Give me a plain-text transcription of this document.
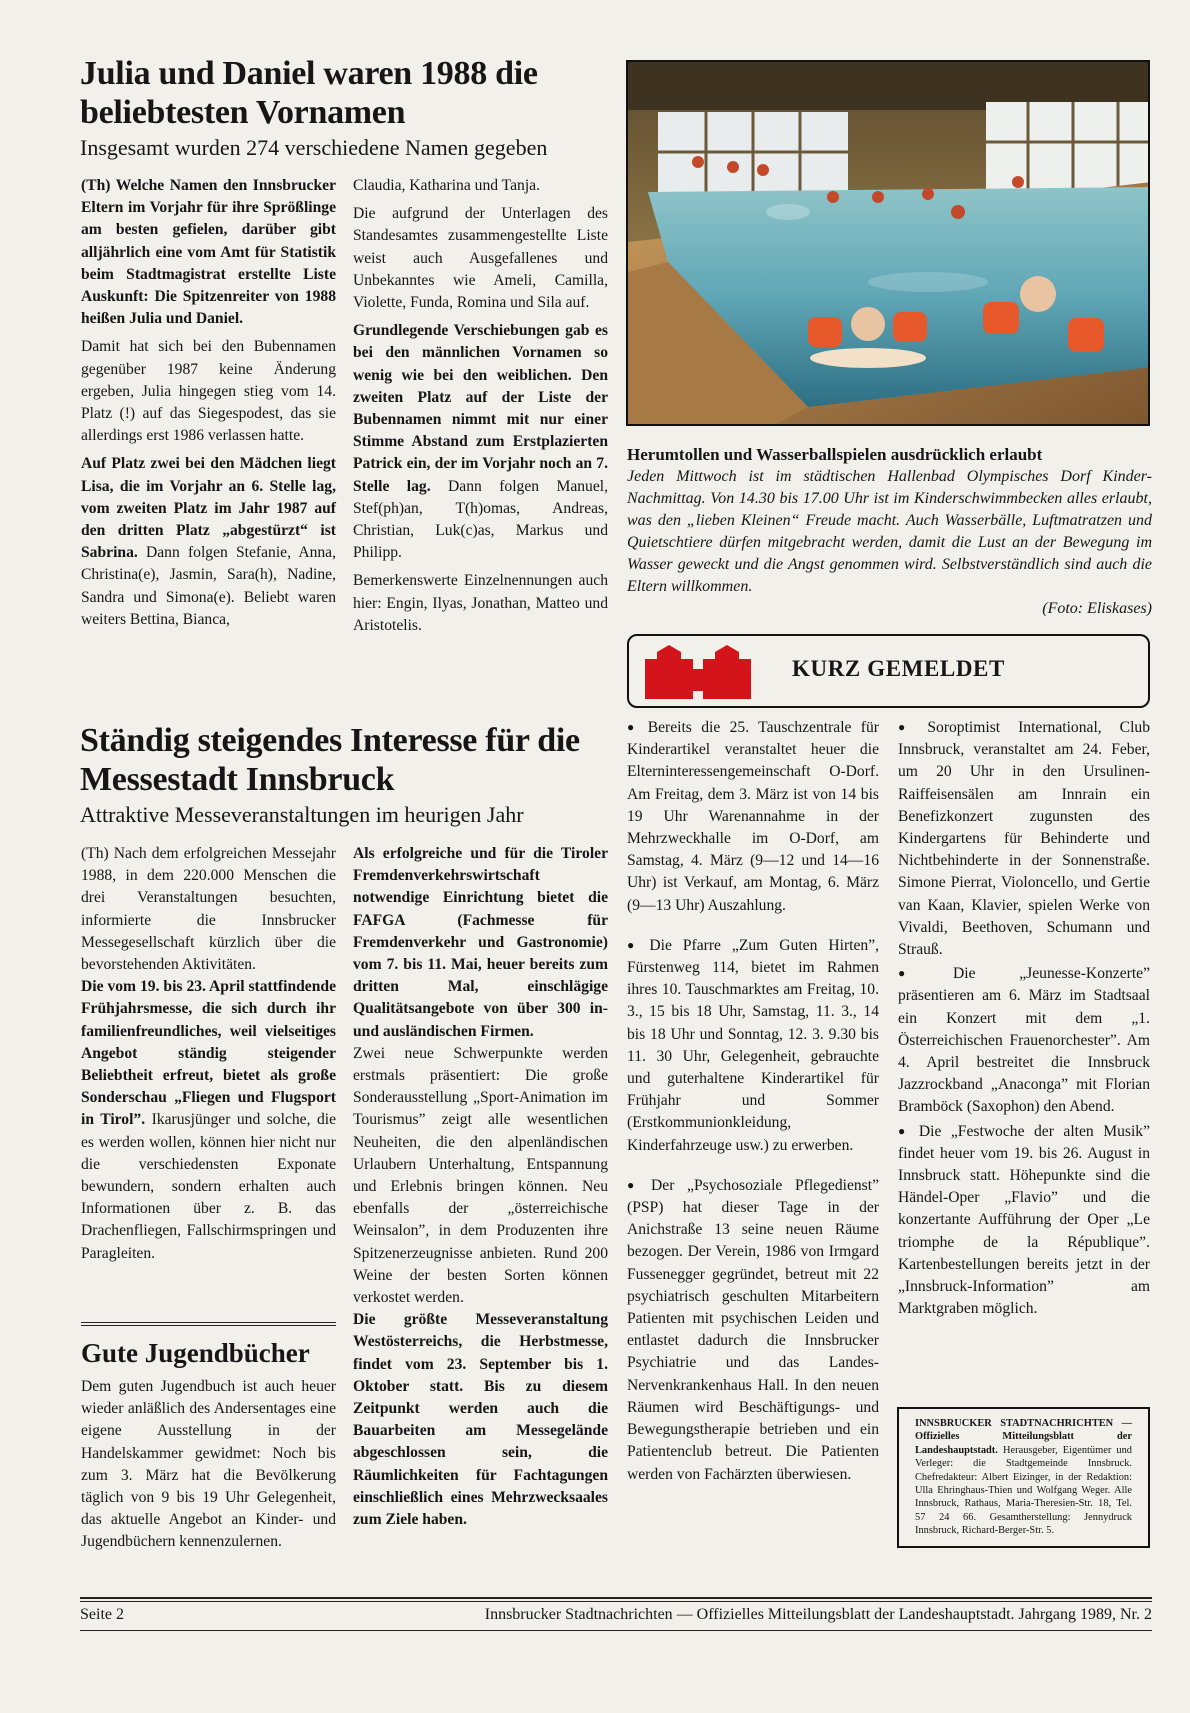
Julia und Daniel waren 1988 die beliebtesten Vornamen
Insgesamt wurden 274 verschiedene Namen gegeben

(Th) Welche Namen den Innsbrucker Eltern im Vorjahr für ihre Sprößlinge am besten gefielen, darüber gibt alljährlich eine vom Amt für Statistik beim Stadtmagistrat erstellte Liste Auskunft: Die Spitzenreiter von 1988 heißen Julia und Daniel.

Damit hat sich bei den Bubennamen gegenüber 1987 keine Änderung ergeben, Julia hingegen stieg vom 14. Platz (!) auf das Siegespodest, das sie allerdings erst 1986 verlassen hatte.

Auf Platz zwei bei den Mädchen liegt Lisa, die im Vorjahr an 6. Stelle lag, vom zweiten Platz im Jahr 1987 auf den dritten Platz „abgestürzt“ ist Sabrina. Dann folgen Stefanie, Anna, Christina(e), Jasmin, Sara(h), Nadine, Sandra und Simona(e). Beliebt waren weiters Bettina, Bianca,

Claudia, Katharina und Tanja.

Die aufgrund der Unterlagen des Standesamtes zusammengestellte Liste weist auch Ausgefallenes und Unbekanntes wie Ameli, Camilla, Violette, Funda, Romina und Sila auf.

Grundlegende Verschiebungen gab es bei den männlichen Vornamen so wenig wie bei den weiblichen. Den zweiten Platz auf der Liste der Bubennamen nimmt mit nur einer Stimme Abstand zum Erstplazierten Patrick ein, der im Vorjahr noch an 7. Stelle lag. Dann folgen Manuel, Stef(ph)an, T(h)omas, Andreas, Christian, Luk(c)as, Markus und Philipp.

Bemerkenswerte Einzelnennungen auch hier: Engin, Ilyas, Jonathan, Matteo und Aristotelis.

Herumtollen und Wasserballspielen ausdrücklich erlaubt
Jeden Mittwoch ist im städtischen Hallenbad Olympisches Dorf Kinder-Nachmittag. Von 14.30 bis 17.00 Uhr ist im Kinderschwimmbecken alles erlaubt, was den „lieben Kleinen“ Freude macht. Auch Wasserbälle, Luftmatratzen und Quietschtiere dürfen mitgebracht werden, damit die Lust an der Bewegung im Wasser geweckt und die Angst genommen wird. Selbstverständlich sind auch die Eltern willkommen.
(Foto: Eliskases)
KURZ GEMELDET

● Bereits die 25. Tauschzentrale für Kinderartikel veranstaltet heuer die Elterninteressengemeinschaft O-Dorf. Am Freitag, dem 3. März ist von 14 bis 19 Uhr Warenannahme in der Mehrzweckhalle im O-Dorf, am Samstag, 4. März (9—12 und 14—16 Uhr) ist Verkauf, am Montag, 6. März (9—13 Uhr) Auszahlung.

● Die Pfarre „Zum Guten Hirten”, Fürstenweg 114, bietet im Rahmen ihres 10. Tauschmarktes am Freitag, 10. 3., 15 bis 18 Uhr, Samstag, 11. 3., 14 bis 18 Uhr und Sonntag, 12. 3. 9.30 bis 11. 30 Uhr, Gelegenheit, gebrauchte und guterhaltene Kinderartikel für Frühjahr und Sommer (Erstkommunionkleidung, Kinderfahrzeuge usw.) zu erwerben.

● Der „Psychosoziale Pflegedienst” (PSP) hat dieser Tage in der Anichstraße 13 seine neuen Räume bezogen. Der Verein, 1986 von Irmgard Fussenegger gegründet, betreut mit 22 psychiatrisch geschulten Mitarbeitern Patienten mit psychischen Leiden und entlastet dadurch die Innsbrucker Psychiatrie und das Landes-Nervenkrankenhaus Hall. In den neuen Räumen wird Beschäftigungs- und Bewegungstherapie betrieben und ein Patientenclub betreut. Die Patienten werden von Fachärzten überwiesen.

● Soroptimist International, Club Innsbruck, veranstaltet am 24. Feber, um 20 Uhr in den Ursulinen-Raiffeisensälen am Innrain ein Benefizkonzert zugunsten des Kindergartens für Behinderte und Nichtbehinderte in der Sonnenstraße. Simone Pierrat, Violoncello, und Gertie van Kaan, Klavier, spielen Werke von Vivaldi, Beethoven, Schumann und Strauß.

● Die „Jeunesse-Konzerte” präsentieren am 6. März im Stadtsaal ein Konzert mit dem „1. Österreichischen Frauenorchester”. Am 4. April bestreitet die Innsbruck Jazzrockband „Anaconga” mit Florian Bramböck (Saxophon) den Abend.

● Die „Festwoche der alten Musik” findet heuer vom 19. bis 26. August in Innsbruck statt. Höhepunkte sind die Händel-Oper „Flavio” und die konzertante Aufführung der Oper „Le triomphe de la République”. Kartenbestellungen bereits jetzt in der „Innsbruck-Information” am Marktgraben möglich.

INNSBRUCKER STADTNACHRICHTEN — Offizielles Mitteilungsblatt der Landeshauptstadt. Herausgeber, Eigentümer und Verleger: die Stadtgemeinde Innsbruck. Chefredakteur: Albert Eizinger, in der Redaktion: Ulla Ehringhaus-Thien und Wolfgang Weger. Alle Innsbruck, Rathaus, Maria-Theresien-Str. 18, Tel. 57 24 66. Gesamtherstellung: Jennydruck Innsbruck, Richard-Berger-Str. 5.
Ständig steigendes Interesse für die Messestadt Innsbruck
Attraktive Messeveranstaltungen im heurigen Jahr

(Th) Nach dem erfolgreichen Messejahr 1988, in dem 220.000 Menschen die drei Veranstaltungen besuchten, informierte die Innsbrucker Messegesellschaft kürzlich über die bevorstehenden Aktivitäten.

Die vom 19. bis 23. April stattfindende Frühjahrsmesse, die sich durch ihr familienfreundliches, weil vielseitiges Angebot ständig steigender Beliebtheit erfreut, bietet als große Sonderschau „Fliegen und Flugsport in Tirol”. Ikarusjünger und solche, die es werden wollen, können hier nicht nur die verschiedensten Exponate bewundern, sondern erhalten auch Informationen über z. B. das Drachenfliegen, Fallschirmspringen und Paragleiten.

Als erfolgreiche und für die Tiroler Fremdenverkehrswirtschaft notwendige Einrichtung bietet die FAFGA (Fachmesse für Fremdenverkehr und Gastronomie) vom 7. bis 11. Mai, heuer bereits zum dritten Mal, einschlägige Qualitätsangebote von über 300 in- und ausländischen Firmen.

Zwei neue Schwerpunkte werden erstmals präsentiert: Die große Sonderausstellung „Sport-Animation im Tourismus” zeigt alle wesentlichen Neuheiten, die den alpenländischen Urlaubern Unterhaltung, Entspannung und Erlebnis bringen können. Neu ebenfalls der „österreichische Weinsalon”, in dem Produzenten ihre Spitzenerzeugnisse anbieten. Rund 200 Weine der besten Sorten können verkostet werden.

Die größte Messeveranstaltung Westösterreichs, die Herbstmesse, findet vom 23. September bis 1. Oktober statt. Bis zu diesem Zeitpunkt werden auch die Bauarbeiten am Messegelände abgeschlossen sein, die Räumlichkeiten für Fachtagungen einschließlich eines Mehrzwecksaales zum Ziele haben.

Gute Jugendbücher
Dem guten Jugendbuch ist auch heuer wieder anläßlich des Andersentages eine eigene Ausstellung in der Handelskammer gewidmet: Noch bis zum 3. März hat die Bevölkerung täglich von 9 bis 19 Uhr Gelegenheit, das aktuelle Angebot an Kinder- und Jugendbüchern kennenzulernen.
Seite 2	Innsbrucker Stadtnachrichten — Offizielles Mitteilungsblatt der Landeshauptstadt. Jahrgang 1989, Nr. 2
